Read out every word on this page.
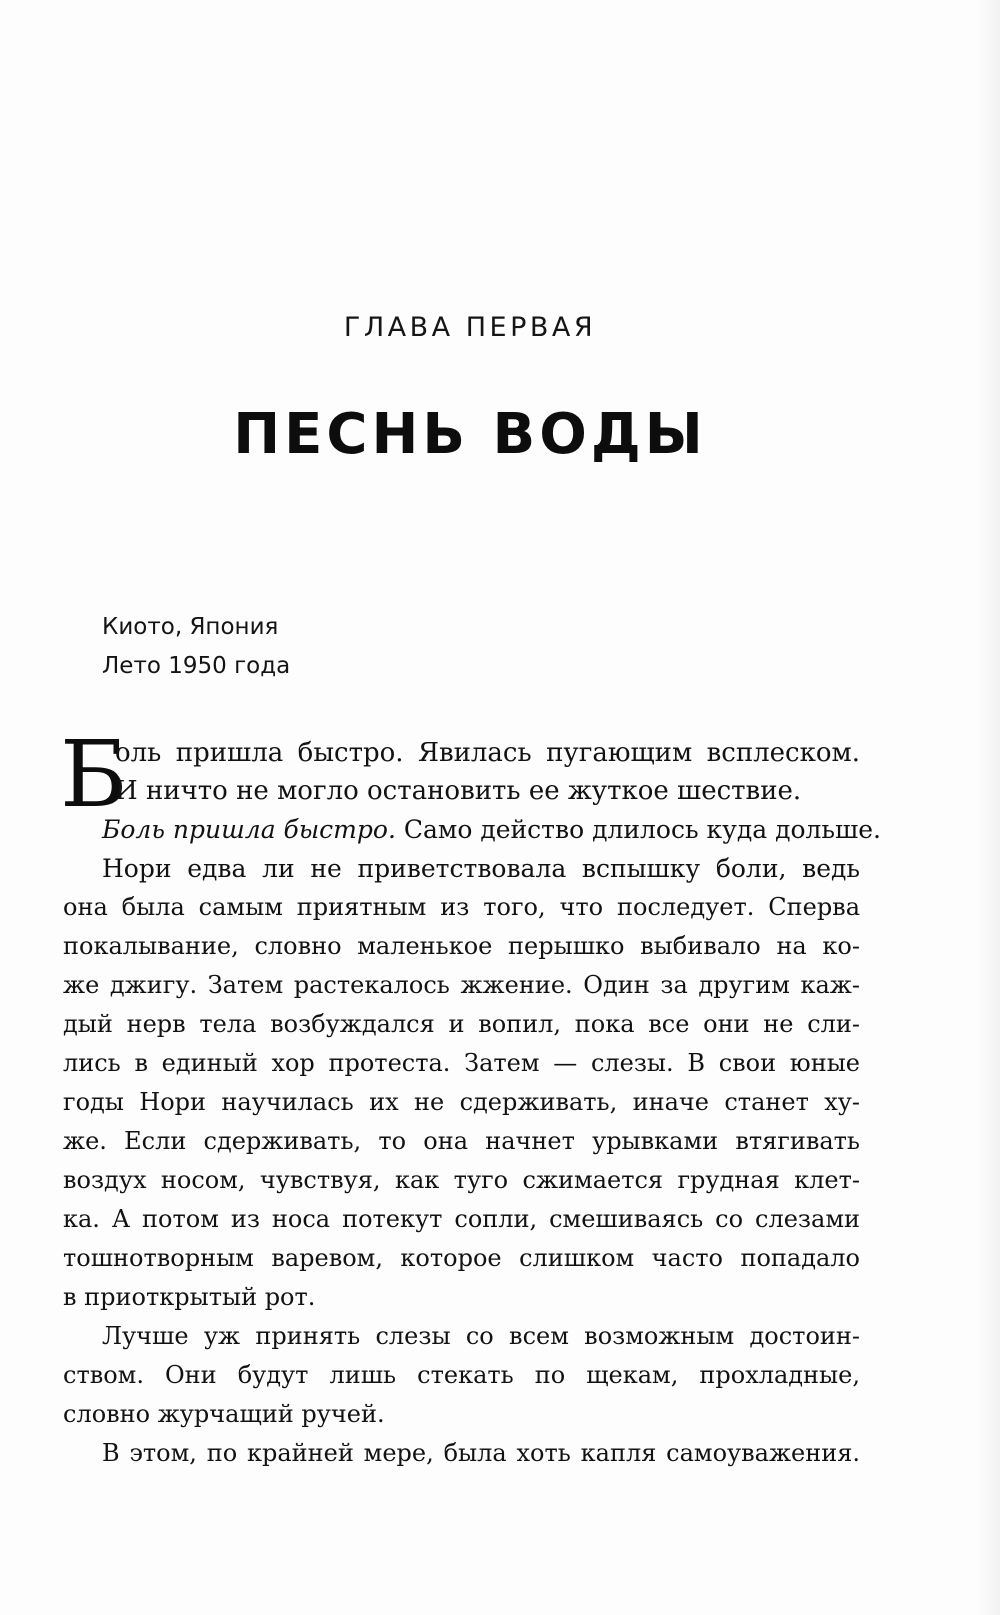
ГЛАВА ПЕРВАЯ
ПЕСНЬ ВОДЫ
Киото, Япония
Лето 1950 года
Б
оль пришла быстро. Явилась пугающим всплеском.
И ничто не могло остановить ее жуткое шествие.
Боль пришла быстро. Само действо длилось куда дольше.
Нори едва ли не приветствовала вспышку боли, ведь
она была самым приятным из того, что последует. Сперва
покалывание, словно маленькое перышко выбивало на ко-
же джигу. Затем растекалось жжение. Один за другим каж-
дый нерв тела возбуждался и вопил, пока все они не сли-
лись в единый хор протеста. Затем — слезы. В свои юные
годы Нори научилась их не сдерживать, иначе станет ху-
же. Если сдерживать, то она начнет урывками втягивать
воздух носом, чувствуя, как туго сжимается грудная клет-
ка. А потом из носа потекут сопли, смешиваясь со слезами
тошнотворным варевом, которое слишком часто попадало
в приоткрытый рот.
Лучше уж принять слезы со всем возможным достоин-
ством. Они будут лишь стекать по щекам, прохладные,
словно журчащий ручей.
В этом, по крайней мере, была хоть капля самоуважения.
